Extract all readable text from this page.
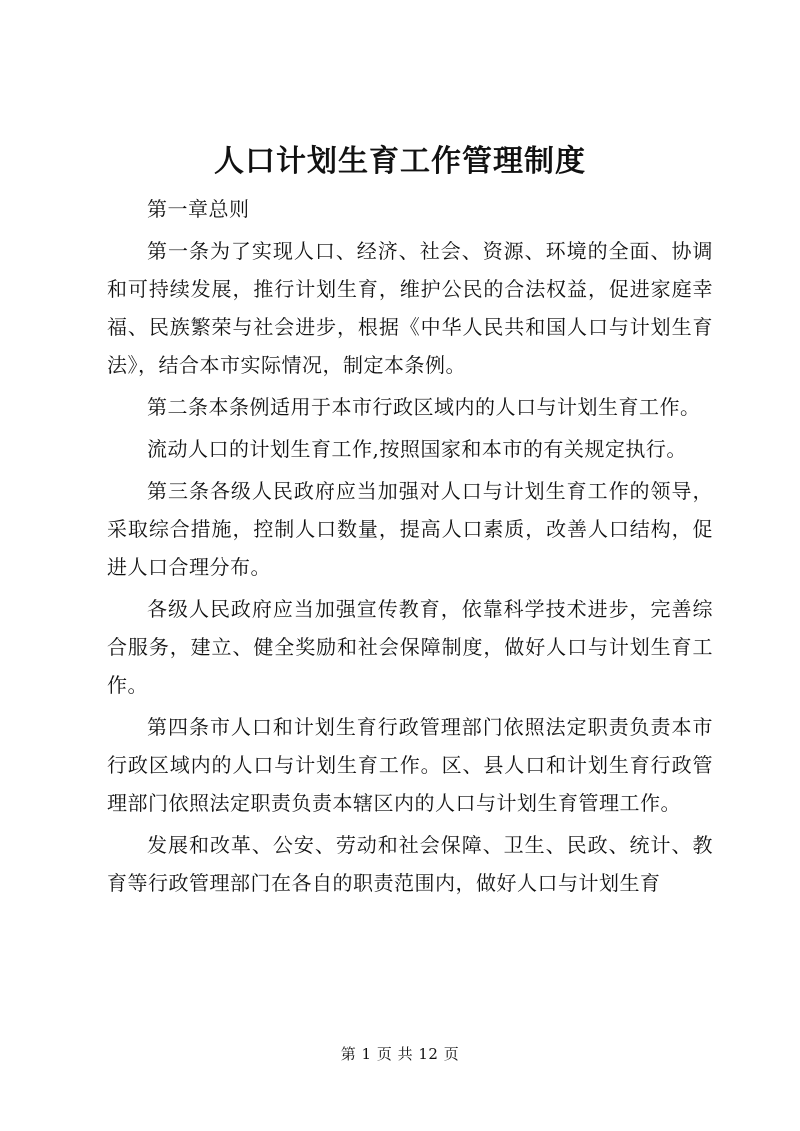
人口计划生育工作管理制度

第一章总则

第一条为了实现人口、经济、社会、资源、环境的全面、协调和可持续发展，推行计划生育，维护公民的合法权益，促进家庭幸福、民族繁荣与社会进步，根据《中华人民共和国人口与计划生育法》，结合本市实际情况，制定本条例。

第二条本条例适用于本市行政区域内的人口与计划生育工作。

流动人口的计划生育工作,按照国家和本市的有关规定执行。

第三条各级人民政府应当加强对人口与计划生育工作的领导，采取综合措施，控制人口数量，提高人口素质，改善人口结构，促进人口合理分布。

各级人民政府应当加强宣传教育，依靠科学技术进步，完善综合服务，建立、健全奖励和社会保障制度，做好人口与计划生育工作。

第四条市人口和计划生育行政管理部门依照法定职责负责本市行政区域内的人口与计划生育工作。区、县人口和计划生育行政管理部门依照法定职责负责本辖区内的人口与计划生育管理工作。

发展和改革、公安、劳动和社会保障、卫生、民政、统计、教育等行政管理部门在各自的职责范围内，做好人口与计划生育

第 1 页 共 12 页
